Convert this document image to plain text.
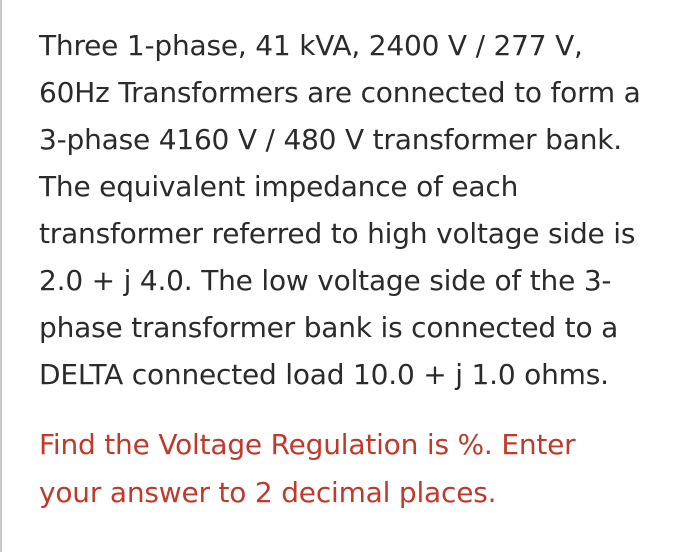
Three 1-phase, 41 kVA, 2400 V / 277 V,
60Hz Transformers are connected to form a
3-phase 4160 V / 480 V transformer bank.
The equivalent impedance of each
transformer referred to high voltage side is
2.0 + j 4.0. The low voltage side of the 3-
phase transformer bank is connected to a
DELTA connected load 10.0 + j 1.0 ohms.

Find the Voltage Regulation is %. Enter
your answer to 2 decimal places.
